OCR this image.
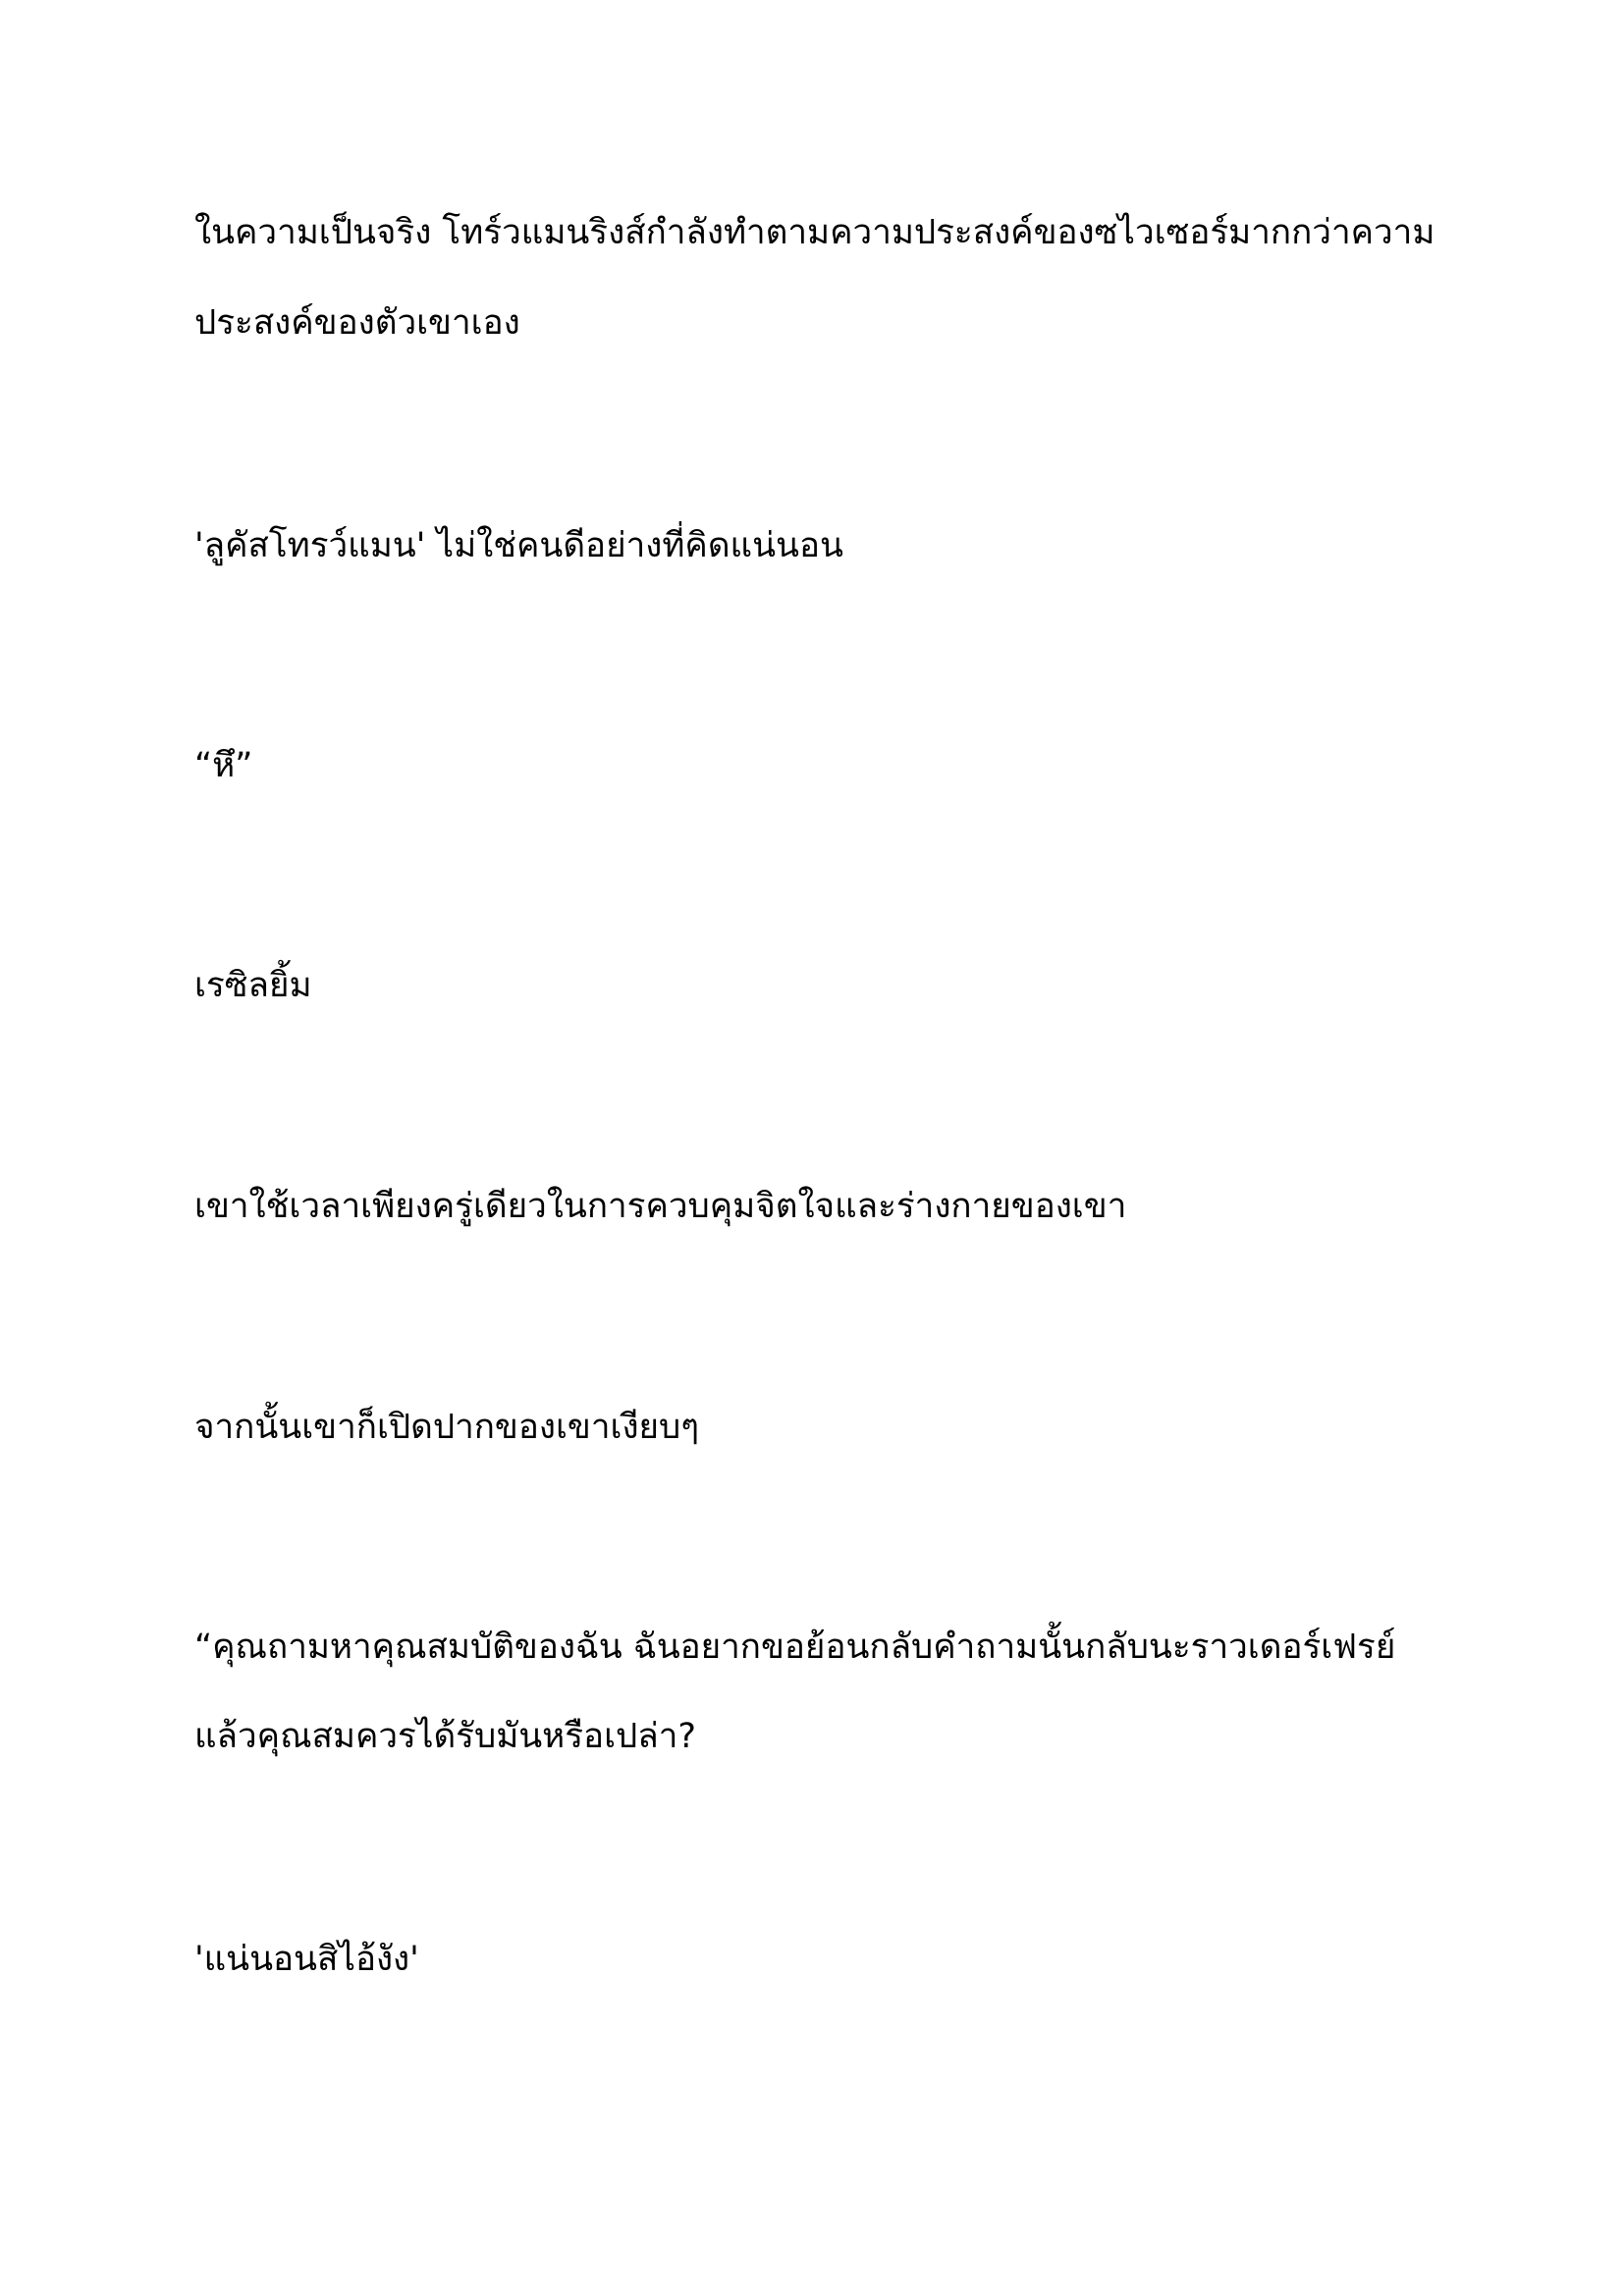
ในความเป็นจริง โทร์วแมนริงส์กำลังทำตามความประสงค์ของซไวเซอร์มากกว่าความ
ประสงค์ของตัวเขาเอง
'ลูคัสโทรว์แมน' ไม่ใช่คนดีอย่างที่คิดแน่นอน
“หึ”
เรซิลยิ้ม
เขาใช้เวลาเพียงครู่เดียวในการควบคุมจิตใจและร่างกายของเขา
จากนั้นเขาก็เปิดปากของเขาเงียบๆ
“คุณถามหาคุณสมบัติของฉัน ฉันอยากขอย้อนกลับคำถามนั้นกลับนะราวเดอร์เฟรย์
แล้วคุณสมควรได้รับมันหรือเปล่า?
'แน่นอนสิไอ้งัง'
